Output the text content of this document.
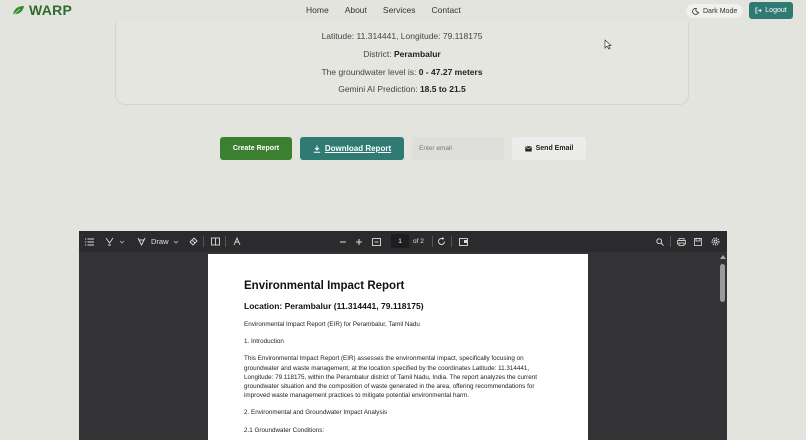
WARP	Home About Services Contact	Dark Mode	Logout

Latitude: 11.314441, Longitude: 79.118175

District: Perambalur

The groundwater level is: 0 - 47.27 meters

Gemini AI Prediction: 18.5 to 21.5

Create Report	Download Report
Enter email	Send Email
Draw	1	of 2
Environmental Impact Report
Location: Perambalur (11.314441, 79.118175)
Environmental Impact Report (EIR) for Perambalur, Tamil Nadu
1. Introduction
This Environmental Impact Report (EIR) assesses the environmental impact, specifically focusing on groundwater and waste management, at the location specified by the coordinates Latitude: 11.314441, Longitude: 79.118175, within the Perambalur district of Tamil Nadu, India. The report analyzes the current groundwater situation and the composition of waste generated in the area, offering recommendations for improved waste management practices to mitigate potential environmental harm.
2. Environmental and Groundwater Impact Analysis
2.1 Groundwater Conditions:
